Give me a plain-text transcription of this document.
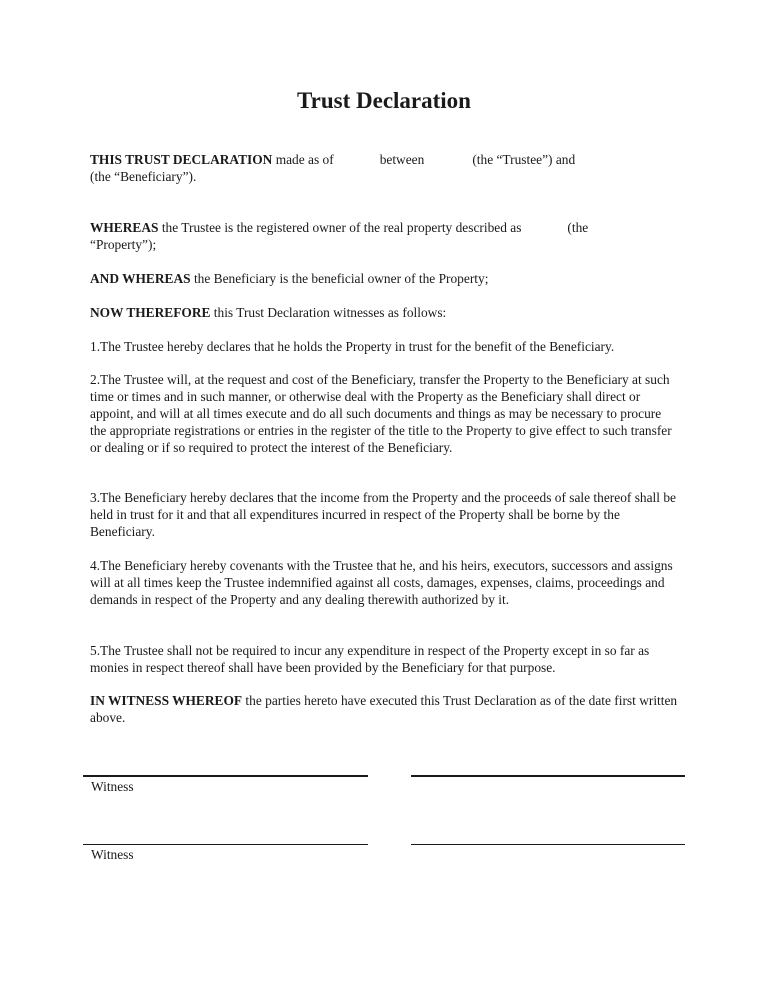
Trust Declaration

THIS TRUST DECLARATION made as of	between	(the “Trustee”) and
(the “Beneficiary”).

WHEREAS the Trustee is the registered owner of the real property described as	(the
“Property”);

AND WHEREAS the Beneficiary is the beneficial owner of the Property;

NOW THEREFORE this Trust Declaration witnesses as follows:

1.The Trustee hereby declares that he holds the Property in trust for the benefit of the Beneficiary.

2.The Trustee will, at the request and cost of the Beneficiary, transfer the Property to the Beneficiary at such time or times and in such manner, or otherwise deal with the Property as the Beneficiary shall direct or appoint, and will at all times execute and do all such documents and things as may be necessary to procure the appropriate registrations or entries in the register of the title to the Property to give effect to such transfer or dealing or if so required to protect the interest of the Beneficiary.

3.The Beneficiary hereby declares that the income from the Property and the proceeds of sale thereof shall be held in trust for it and that all expenditures incurred in respect of the Property shall be borne by the Beneficiary.

4.The Beneficiary hereby covenants with the Trustee that he, and his heirs, executors, successors and assigns will at all times keep the Trustee indemnified against all costs, damages, expenses, claims, proceedings and demands in respect of the Property and any dealing therewith authorized by it.

5.The Trustee shall not be required to incur any expenditure in respect of the Property except in so far as monies in respect thereof shall have been provided by the Beneficiary for that purpose.

IN WITNESS WHEREOF the parties hereto have executed this Trust Declaration as of the date first written above.

Witness
Witness
